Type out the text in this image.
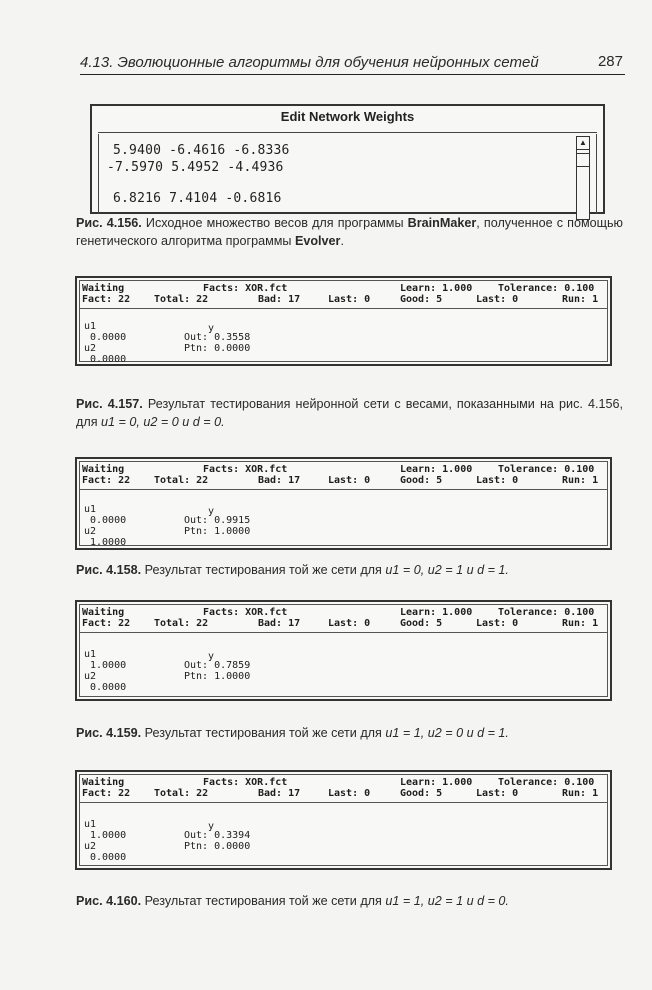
4.13. Эволюционные алгоритмы для обучения нейронных сетей	287
Edit Network Weights
5.9400 -6.4616 -6.8336
-7.5970 5.4952 -4.4936
6.8216 7.4104 -0.6816
▲
Рис. 4.156. Исходное множество весов для программы BrainMaker, полученное с помощью генетического алгоритма программы Evolver.
Waiting	Facts: XOR.fct	Learn: 1.000	Tolerance: 0.100
Fact: 22 Total: 22	Bad: 17	Last: 0	Good: 5	Last: 0	Run: 1
u1
0.0000
u2
0.0000
y
Out: 0.3558
Ptn: 0.0000
Рис. 4.157. Результат тестирования нейронной сети с весами, показанными на рис. 4.156, для u1 = 0, u2 = 0 и d = 0.
Waiting	Facts: XOR.fct	Learn: 1.000	Tolerance: 0.100
Fact: 22 Total: 22	Bad: 17	Last: 0	Good: 5	Last: 0	Run: 1
u1
0.0000
u2
1.0000
y
Out: 0.9915
Ptn: 1.0000
Рис. 4.158. Результат тестирования той же сети для u1 = 0, u2 = 1 и d = 1.
Waiting	Facts: XOR.fct	Learn: 1.000	Tolerance: 0.100
Fact: 22 Total: 22	Bad: 17	Last: 0	Good: 5	Last: 0	Run: 1
u1
1.0000
u2
0.0000
y
Out: 0.7859
Ptn: 1.0000
Рис. 4.159. Результат тестирования той же сети для u1 = 1, u2 = 0 и d = 1.
Waiting	Facts: XOR.fct	Learn: 1.000	Tolerance: 0.100
Fact: 22 Total: 22	Bad: 17	Last: 0	Good: 5	Last: 0	Run: 1
u1
1.0000
u2
0.0000
y
Out: 0.3394
Ptn: 0.0000
Рис. 4.160. Результат тестирования той же сети для u1 = 1, u2 = 1 и d = 0.
